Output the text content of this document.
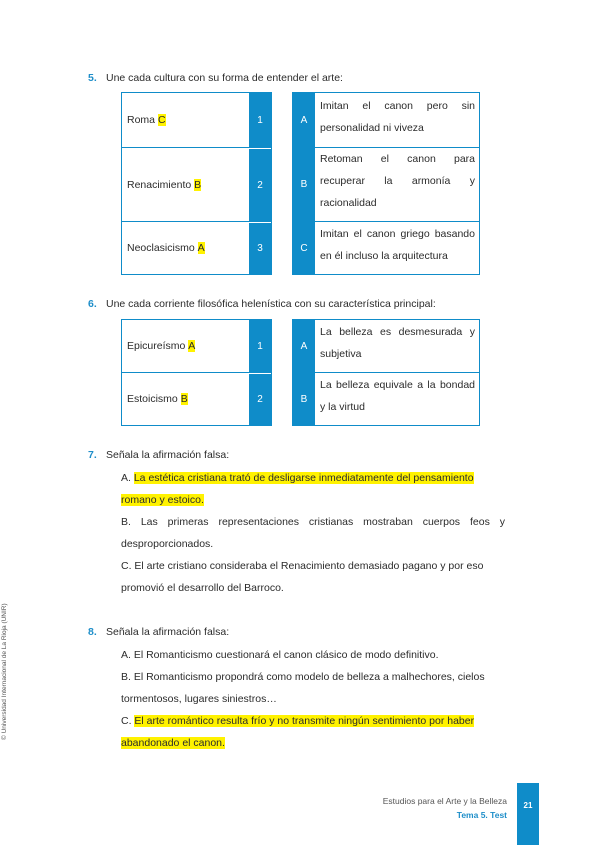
5. Une cada cultura con su forma de entender el arte:
Roma
C
Renacimiento
B
Neoclasicismo
A
1
2
3
A
Imitan el canon pero sin personalidad ni viveza
B
Retoman el canon para recuperar la armonía y racionalidad
C
Imitan el canon griego basando en él incluso la arquitectura
6. Une cada corriente filosófica helenística con su característica principal:
Epicureísmo
A
Estoicismo
B
1
2
A
La belleza es desmesurada y subjetiva
B
La belleza equivale a la bondad y la virtud
7. Señala la afirmación falsa:
A. La estética cristiana trató de desligarse inmediatamente del pensamiento romano y estoico.
B. Las primeras representaciones cristianas mostraban cuerpos feos y desproporcionados.
C. El arte cristiano consideraba el Renacimiento demasiado pagano y por eso promovió el desarrollo del Barroco.
8. Señala la afirmación falsa:
A. El Romanticismo cuestionará el canon clásico de modo definitivo.
B. El Romanticismo propondrá como modelo de belleza a malhechores, cielos tormentosos, lugares siniestros…
C. El arte romántico resulta frío y no transmite ningún sentimiento por haber abandonado el canon.
Estudios para el Arte y la Belleza
Tema 5. Test
21
© Universidad Internacional de La Rioja (UNIR)
